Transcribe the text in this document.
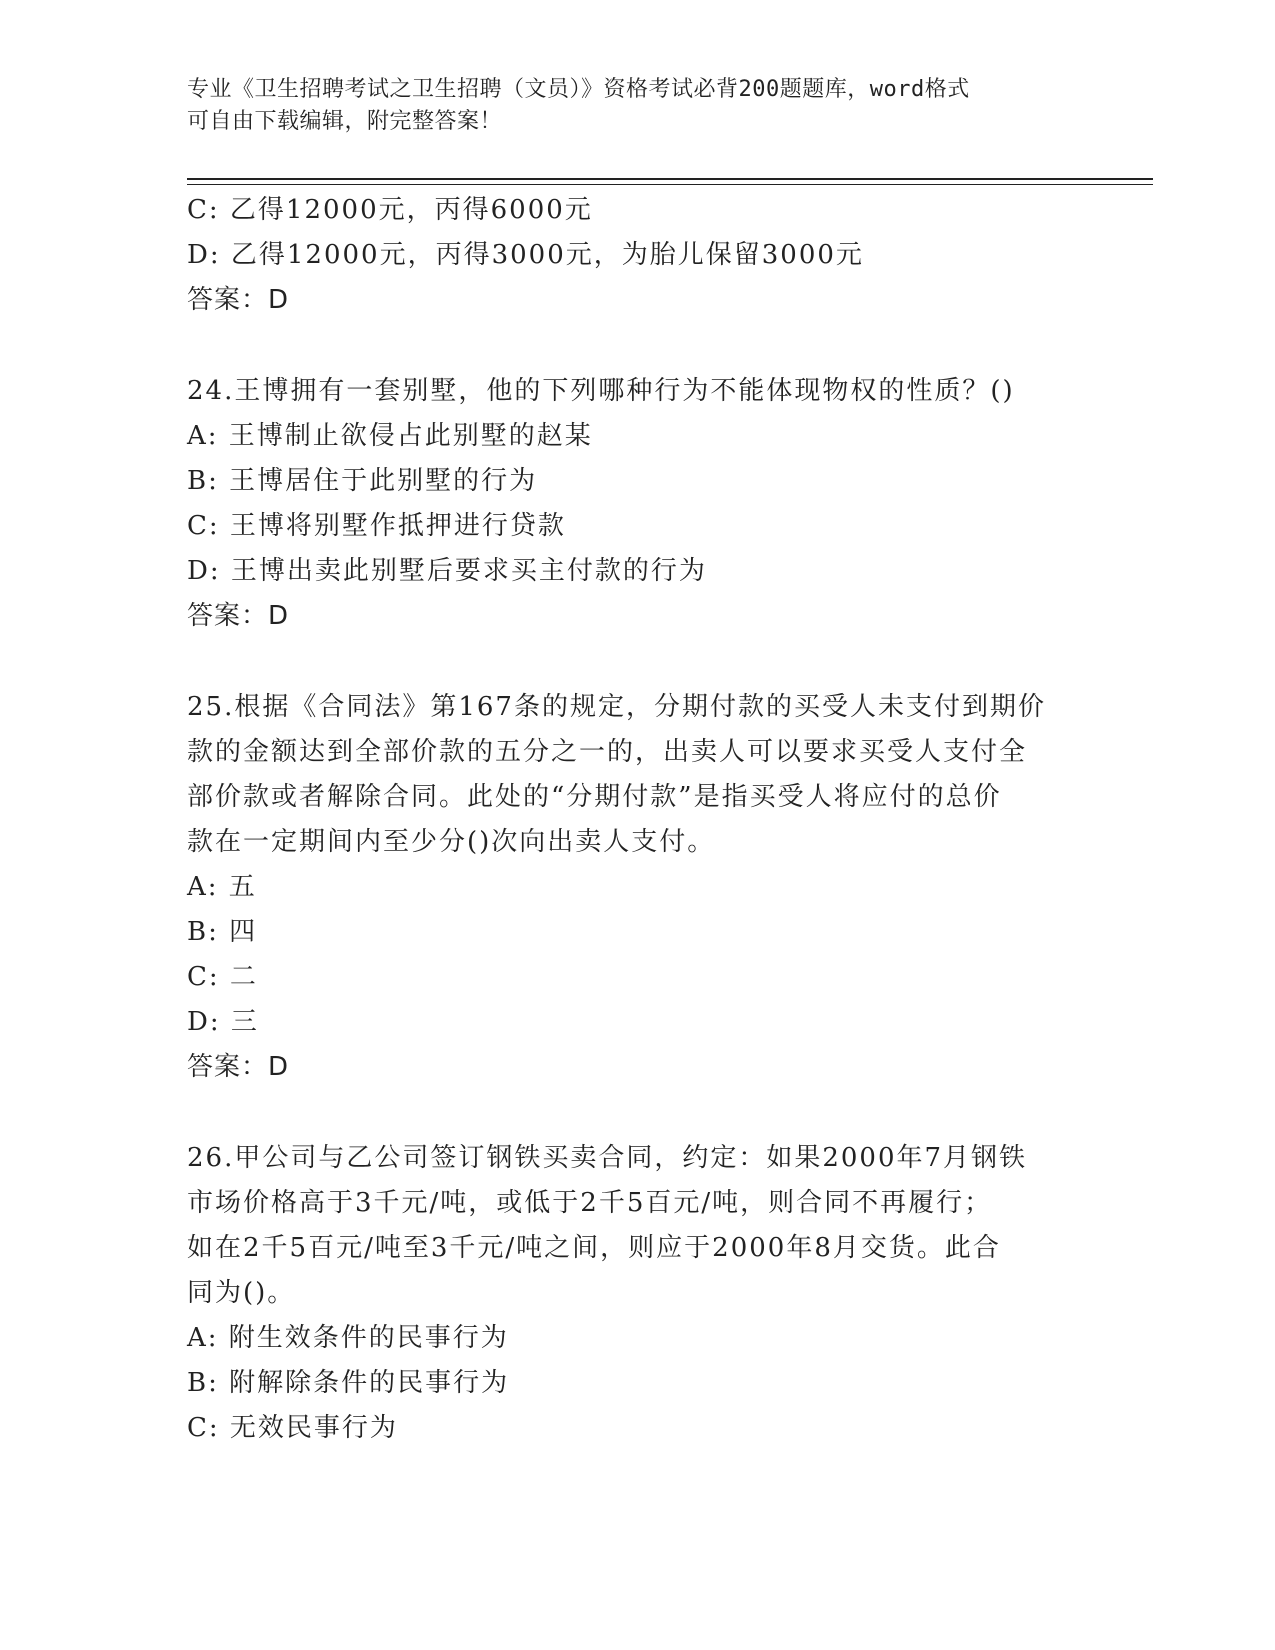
专业《卫生招聘考试之卫生招聘（文员）》资格考试必背200题题库，word格式
可自由下载编辑，附完整答案！
C: 乙得12000元，丙得6000元
D: 乙得12000元，丙得3000元，为胎儿保留3000元
答案：D
24.王博拥有一套别墅，他的下列哪种行为不能体现物权的性质？()
A: 王博制止欲侵占此别墅的赵某
B: 王博居住于此别墅的行为
C: 王博将别墅作抵押进行贷款
D: 王博出卖此别墅后要求买主付款的行为
答案：D
25.根据《合同法》第167条的规定，分期付款的买受人未支付到期价
款的金额达到全部价款的五分之一的，出卖人可以要求买受人支付全
部价款或者解除合同。此处的“分期付款”是指买受人将应付的总价
款在一定期间内至少分()次向出卖人支付。
A: 五
B: 四
C: 二
D: 三
答案：D
26.甲公司与乙公司签订钢铁买卖合同，约定：如果2000年7月钢铁
市场价格高于3千元/吨，或低于2千5百元/吨，则合同不再履行；
如在2千5百元/吨至3千元/吨之间，则应于2000年8月交货。此合
同为()。
A: 附生效条件的民事行为
B: 附解除条件的民事行为
C: 无效民事行为
